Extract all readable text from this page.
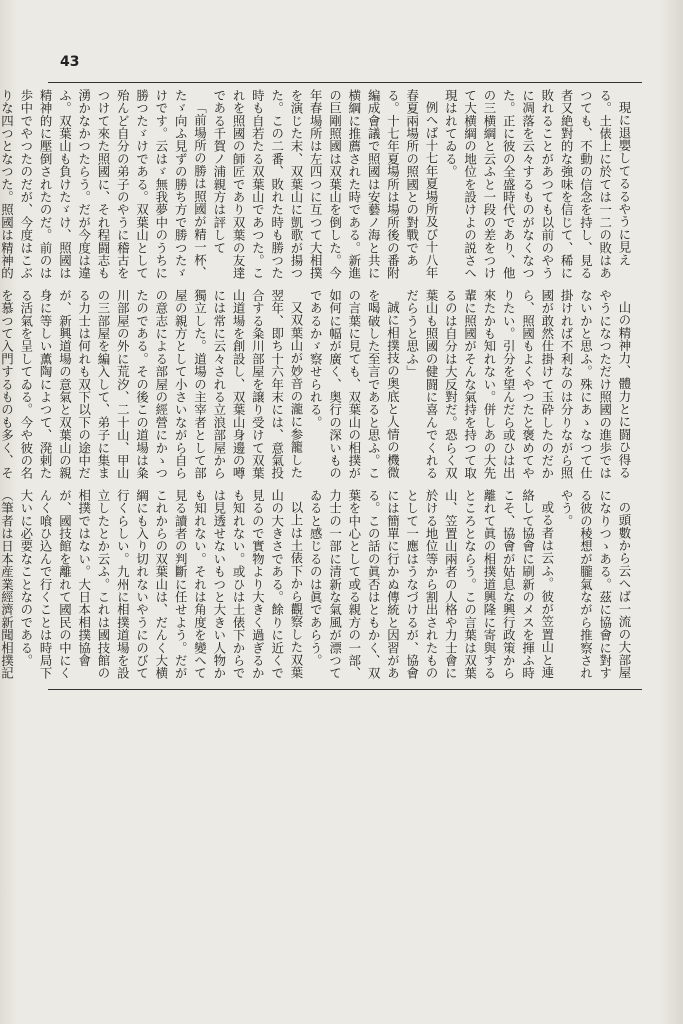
43

現に退嬰してるるやうに見える。土俵上に於ては一二の敗はあつても、不動の信念を持し、見る者又絶對的な強味を信じて、稀に敗れることがあつても以前のやうに凋落を云々するものがなくなつた。正に彼の全盛時代であり、他の三横綱と云ふと一段の差をつけて大横綱の地位を設けよの説さへ現はれてゐる。

例へば十七年夏場所及び十八年春夏兩場所の照國との對戰である。十七年夏場所は場所後の番附編成會議で照國は安藝ノ海と共に横綱に推薦された時である。新進の巨剛照國は双葉山を倒した。今年春場所は左四つに互つて大相撲を演じた末、双葉山に凱歌が揚つた。この二番、敗れた時も勝つた時も自若たる双葉山であつた。これを照國の師匠であり双葉の友達である千賀ノ浦親方は評して

「前場所の勝は照國が精一杯、たゞ向ふ見ずの勝ち方で勝つたゞけです。云はゞ無我夢中のうちに勝つたゞけである。双葉山として殆んど自分の弟子のやうに稽古をつけて來た照國に、それ程闘志も湧かなかつたらう。だが今度は違ふ。双葉山も負けたゞけ、照國は精神的に壓倒されたのだ。前のは歩中でやつたのだが、今度はこぶりな四つとなつた。照國は精神的

山の精神力、體力とに闘ひ得るやうになつただけ照國の進歩ではないかと思ふ。殊にあゝなつて仕掛ければ不利なのは分りながら照國が敢然仕掛けて玉砕したのだから、照國もよくやつたと褒めてやりたい。引分を望んだら或ひは出來たかも知れない。併しあの大先輩に照國がそんな氣持を持つて取るのは自分は大反對だ。恐らく双葉山も照國の健闘に喜んでくれるだらうと思ふ」

誠に相撲技の奥底と人情の機微を喝破した至言であると思ふ。この言葉に見ても、双葉山の相撲が如何に幅が廣く、奥行の深いものであるかゞ察せられる。

又双葉山が妙音の瀧に参籠した翌年、即ち十六年末には、意氣投合する粂川部屋を譲り受けて双葉山道場を創設し、双葉山身邊の噂には常に云々される立浪部屋から獨立した。道場の主宰者として部屋の親方として小さいながら自らの意志による部屋の經營にかゝつたのである。その後この道場は粂川部屋の外に荒汐、二十山、甲山の三部屋を編入して、弟子に集まる力士は何れも双下以下の途中だが、新興道場の意氣と双葉山の親身に等しい薫陶によつて、溌剌たる活氣を呈してゐる。今や彼の名を慕つて入門するものも多く、そ

の頭數から云へば一流の大部屋になりつゝある。茲に協會に對する彼の稜想が朧氣ながら推察されやう。

或る者は云ふ。彼が笠置山と連絡して協會に刷新のメスを揮ふ時こそ、協會が姑息な興行政策から離れて眞の相撲道興隆に寄與するところとならう。この言葉は双葉山、笠置山兩者の人格や力士會に於ける地位等から割出されたものとして一應はうなづけるが、協會には簡單に行かぬ傳統と因習がある。この話の眞否はともかく、双葉を中心として或る親方の一部、力士の一部に清新な氣風が漂つてゐると感じるのは眞であらう。

以上は土俵下から觀察した双葉山の大きさである。餘りに近くで見るので實物より大きく過ぎるかも知れない。或ひは土俵下からでは見透せないもつと大きい人物かも知れない。それは角度を變へて見る讀者の判斷に任せよう。だがこれからの双葉山は、だんく大横綱にも入り切れないやうにのびて行くらしい。九州に相撲道場を設立したとか云ふ。これは國技館の相撲ではない。大日本相撲協會が、國技館を離れて國民の中にくんく喰ひ込んで行くことは時局下大いに必要なことなのである。

（筆者は日本産業經濟新聞相撲記
